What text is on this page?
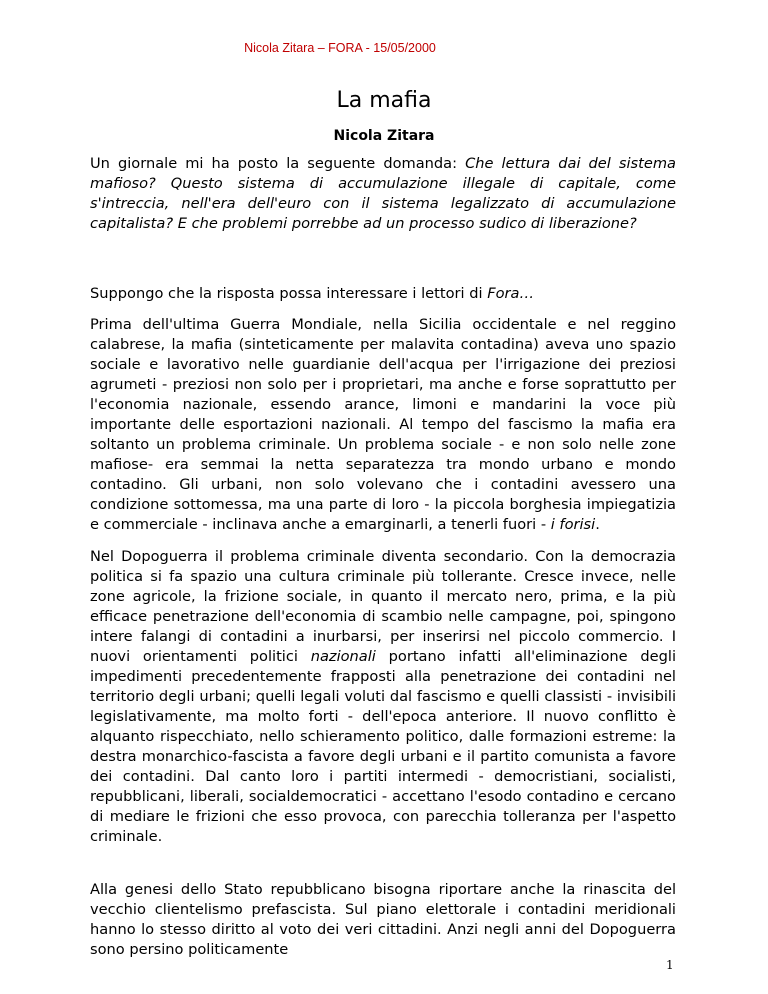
Nicola Zitara – FORA - 15/05/2000
La mafia
Nicola Zitara

Un giornale mi ha posto la seguente domanda: Che lettura dai del sistema mafioso? Questo sistema di accumulazione illegale di capitale, come s'intreccia, nell'era dell'euro con il sistema legalizzato di accumulazione capitalista? E che problemi porrebbe ad un processo sudico di liberazione?

Suppongo che la risposta possa interessare i lettori di Fora…

Prima dell'ultima Guerra Mondiale, nella Sicilia occidentale e nel reggino calabrese, la mafia (sinteticamente per malavita contadina) aveva uno spazio sociale e lavorativo nelle guardianie dell'acqua per l'irrigazione dei preziosi agrumeti - preziosi non solo per i proprietari, ma anche e forse soprattutto per l'economia nazionale, essendo arance, limoni e mandarini la voce più importante delle esportazioni nazionali. Al tempo del fascismo la mafia era soltanto un problema criminale. Un problema sociale - e non solo nelle zone mafiose- era semmai la netta separatezza tra mondo urbano e mondo contadino. Gli urbani, non solo volevano che i contadini avessero una condizione sottomessa, ma una parte di loro - la piccola borghesia impiegatizia e commerciale - inclinava anche a emarginarli, a tenerli fuori - i forisi.

Nel Dopoguerra il problema criminale diventa secondario. Con la democrazia politica si fa spazio una cultura criminale più tollerante. Cresce invece, nelle zone agricole, la frizione sociale, in quanto il mercato nero, prima, e la più efficace penetrazione dell'economia di scambio nelle campagne, poi, spingono intere falangi di contadini a inurbarsi, per inserirsi nel piccolo commercio. I nuovi orientamenti politici nazionali portano infatti all'eliminazione degli impedimenti precedentemente frapposti alla penetrazione dei contadini nel territorio degli urbani; quelli legali voluti dal fascismo e quelli classisti - invisibili legislativamente, ma molto forti - dell'epoca anteriore. Il nuovo conflitto è alquanto rispecchiato, nello schieramento politico, dalle formazioni estreme: la destra monarchico-fascista a favore degli urbani e il partito comunista a favore dei contadini. Dal canto loro i partiti intermedi - democristiani, socialisti, repubblicani, liberali, socialdemocratici - accettano l'esodo contadino e cercano di mediare le frizioni che esso provoca, con parecchia tolleranza per l'aspetto criminale.

Alla genesi dello Stato repubblicano bisogna riportare anche la rinascita del vecchio clientelismo prefascista. Sul piano elettorale i contadini meridionali hanno lo stesso diritto al voto dei veri cittadini. Anzi negli anni del Dopoguerra sono persino politicamente

1
